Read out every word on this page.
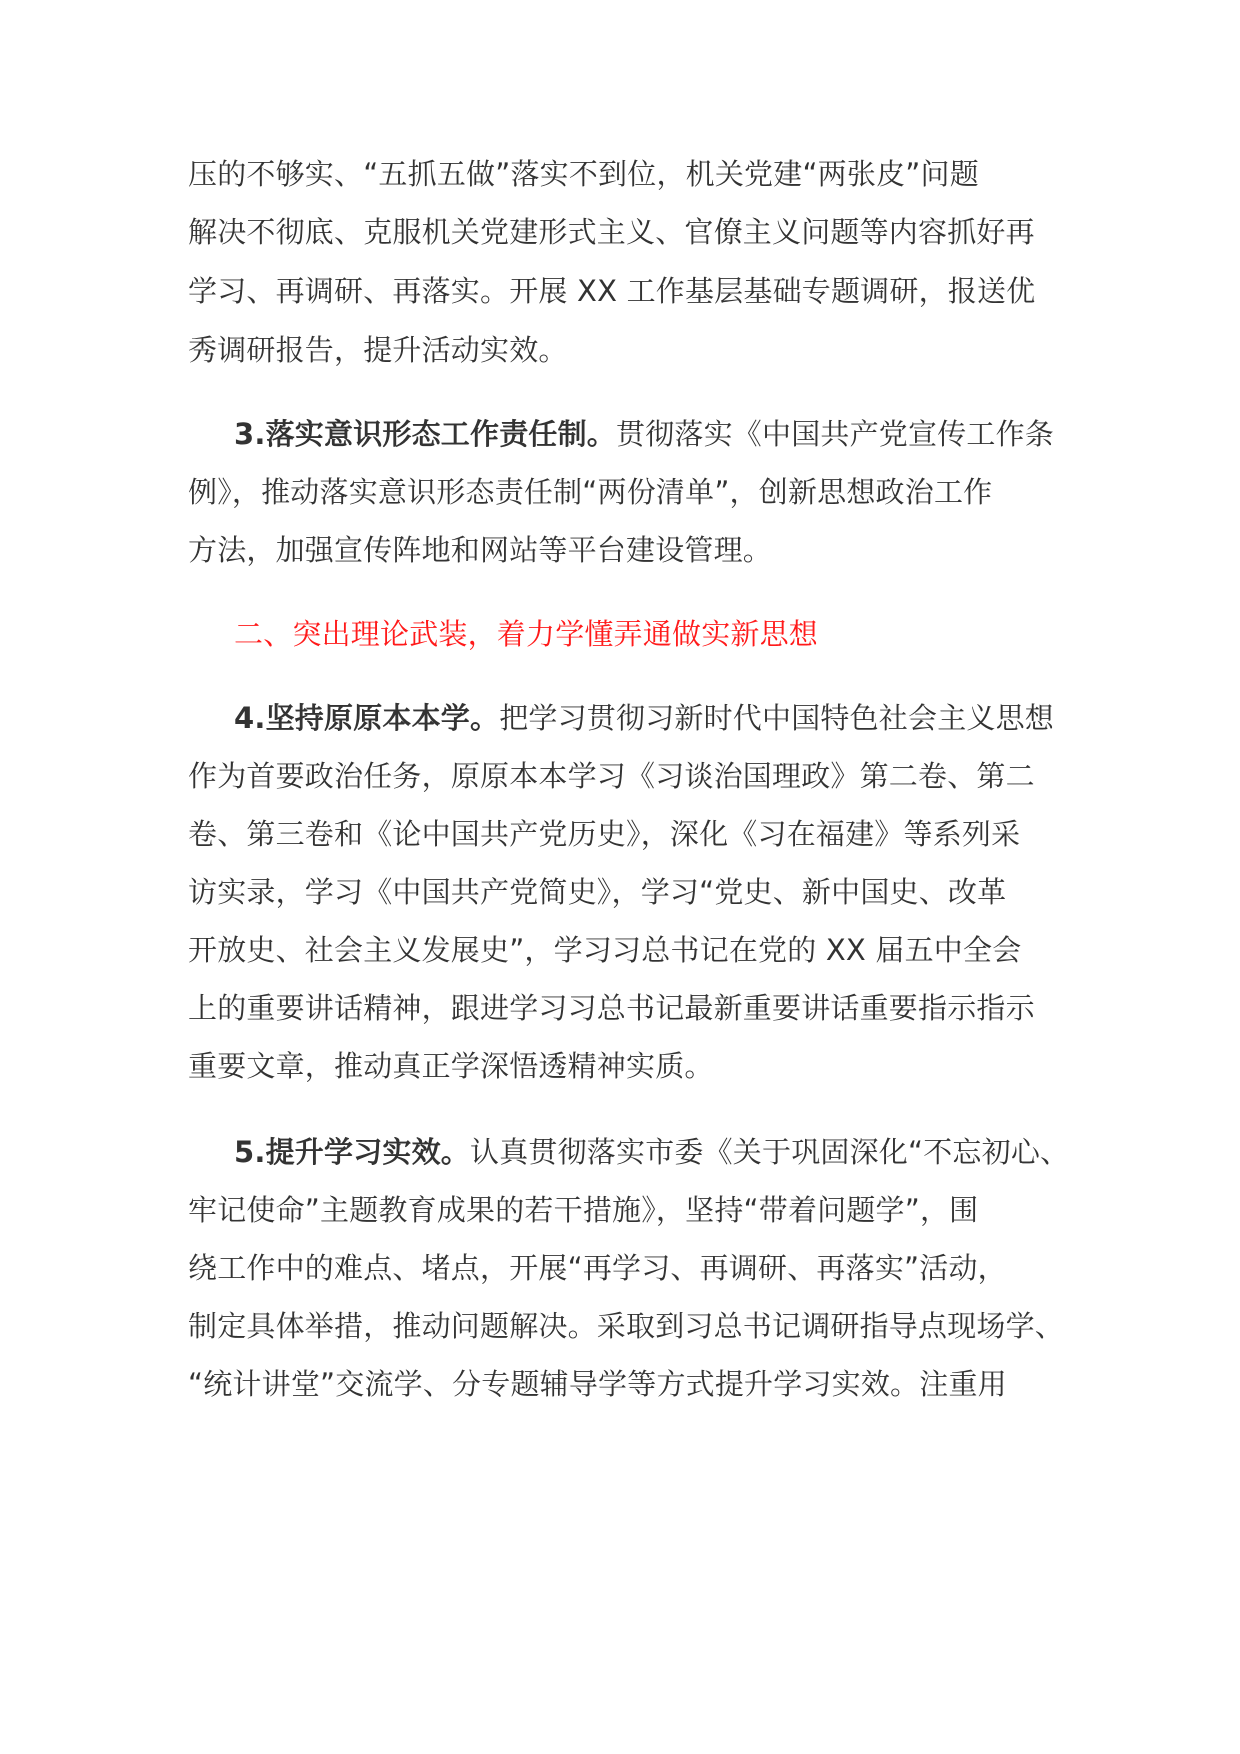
压的不够实、“五抓五做”落实不到位，机关党建“两张皮”问题
解决不彻底、克服机关党建形式主义、官僚主义问题等内容抓好再
学习、再调研、再落实。开展 XX 工作基层基础专题调研，报送优
秀调研报告，提升活动实效。
3.落实意识形态工作责任制。贯彻落实《中国共产党宣传工作条
例》，推动落实意识形态责任制“两份清单”，创新思想政治工作
方法，加强宣传阵地和网站等平台建设管理。
二、突出理论武装，着力学懂弄通做实新思想
4.坚持原原本本学。把学习贯彻习新时代中国特色社会主义思想
作为首要政治任务，原原本本学习《习谈治国理政》第二卷、第二
卷、第三卷和《论中国共产党历史》，深化《习在福建》等系列采
访实录，学习《中国共产党简史》，学习“党史、新中国史、改革
开放史、社会主义发展史”，学习习总书记在党的 XX 届五中全会
上的重要讲话精神，跟进学习习总书记最新重要讲话重要指示指示
重要文章，推动真正学深悟透精神实质。
5.提升学习实效。认真贯彻落实市委《关于巩固深化“不忘初心、
牢记使命”主题教育成果的若干措施》，坚持“带着问题学”，围
绕工作中的难点、堵点，开展“再学习、再调研、再落实”活动，
制定具体举措，推动问题解决。采取到习总书记调研指导点现场学、
“统计讲堂”交流学、分专题辅导学等方式提升学习实效。注重用
